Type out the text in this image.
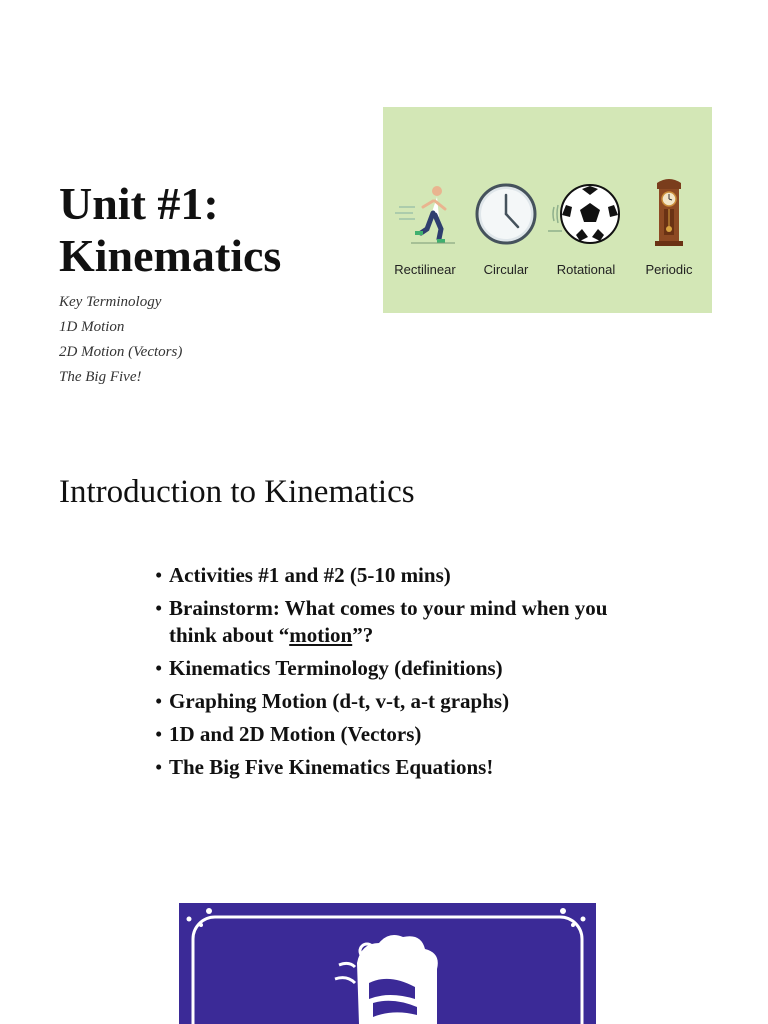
Unit #1:
Kinematics
Key Terminology
1D Motion
2D Motion (Vectors)
The Big Five!
Rectilinear	Circular	Rotational	Periodic
Introduction to Kinematics
• Activities #1 and #2 (5-10 mins)
• Brainstorm: What comes to your mind when you think about “motion”?
• Kinematics Terminology (definitions)
• Graphing Motion (d-t, v-t, a-t graphs)
• 1D and 2D Motion (Vectors)
• The Big Five Kinematics Equations!
